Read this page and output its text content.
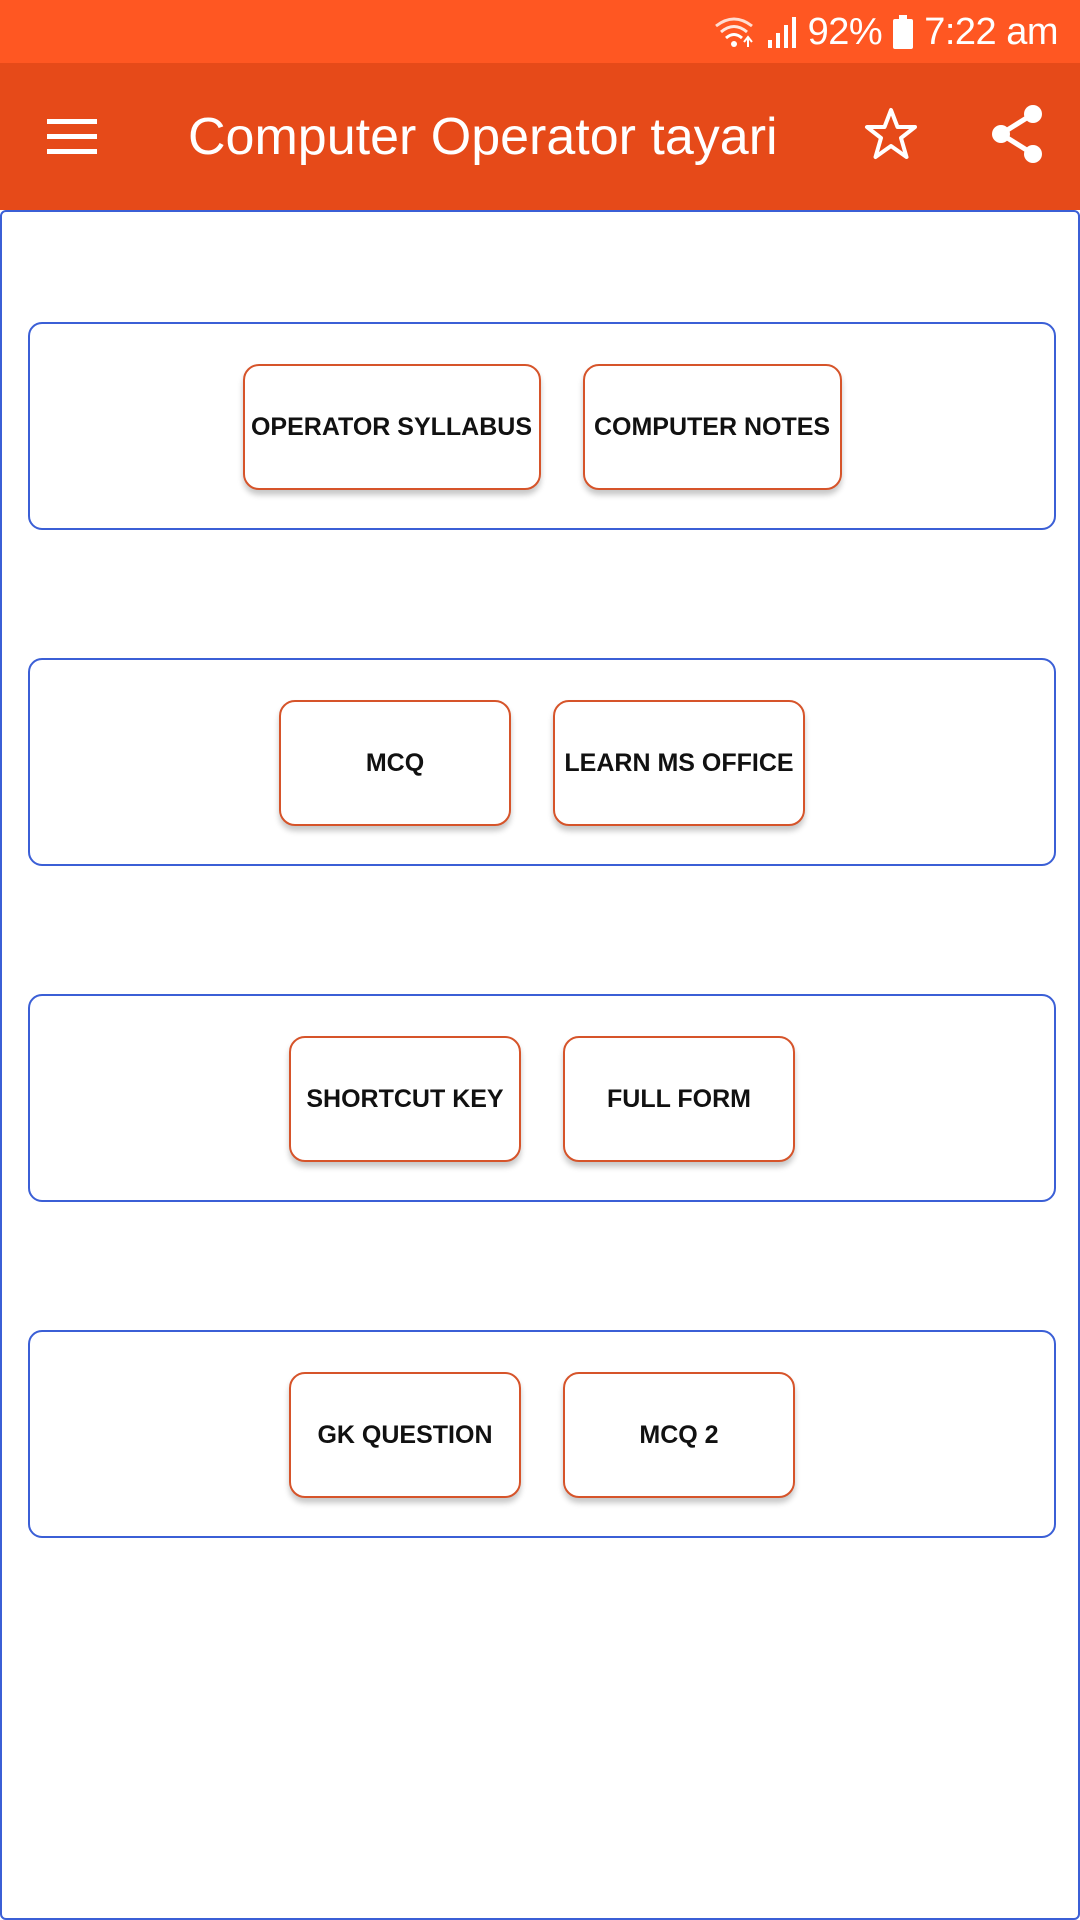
92% 7:22 am
Computer Operator tayari
OPERATOR SYLLABUS	COMPUTER NOTES
MCQ	LEARN MS OFFICE
SHORTCUT KEY	FULL FORM
GK QUESTION	MCQ 2
